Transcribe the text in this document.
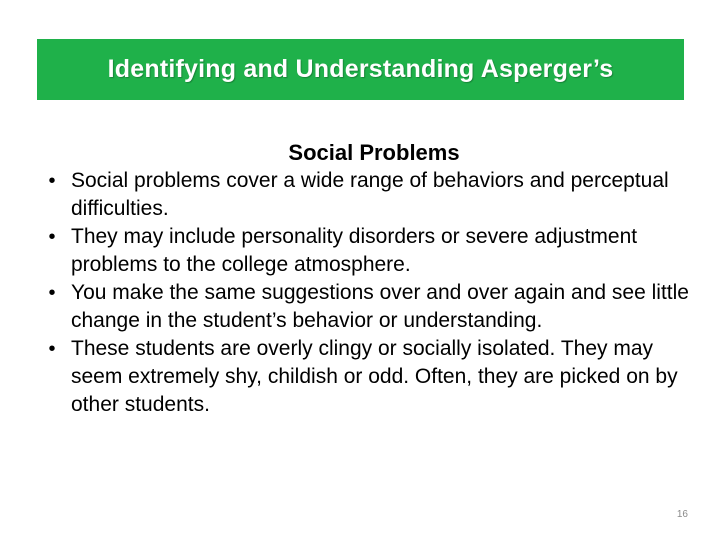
Identifying and Understanding Asperger’s

Social Problems

• Social problems cover a wide range of behaviors and perceptual difficulties.
• They may include personality disorders or severe adjustment problems to the college atmosphere.
• You make the same suggestions over and over again and see little change in the student’s behavior or understanding.
• These students are overly clingy or socially isolated. They may seem extremely shy, childish or odd. Often, they are picked on by other students.
16
